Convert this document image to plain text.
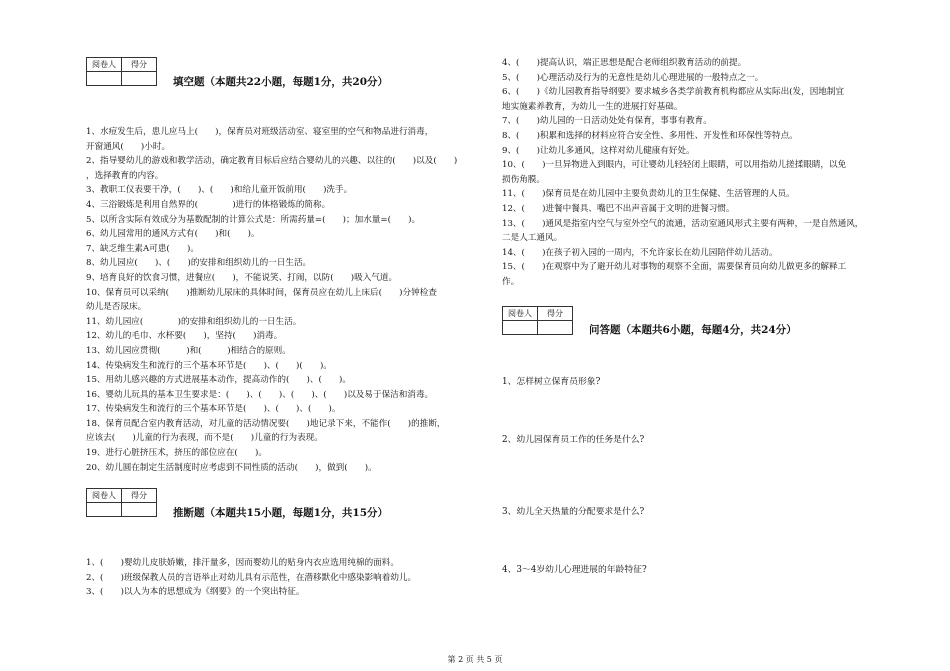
阅卷人	得分

填空题（本题共22小题，每题1分，共20分）
1、水痘发生后，患儿应马上(　　)，保育员对班级活动室、寝室里的空气和物品进行消毒，
开窗通风(　　)小时。
2、指导婴幼儿的游戏和教学活动，确定教育目标后应结合婴幼儿的兴趣、以往的(　　)以及(　　)
，选择教育的内容。
3、教职工仪表要干净，(　　)、(　　)和给儿童开饭前用(　　)洗手。
4、三浴锻炼是利用自然界的(　　　　)进行的体格锻炼的简称。
5、以所含实际有效成分为基数配制的计算公式是：所需药量=(　　)；加水量=(　　)。
6、幼儿园常用的通风方式有(　　)和(　　)。
7、缺乏维生素A可患(　　)。
8、幼儿园应(　　)、(　　)的安排和组织幼儿的一日生活。
9、培育良好的饮食习惯，进餐应(　　)，不能说笑、打闹，以防(　　)吸入气道。
10、保育员可以采纳(　　)推断幼儿尿床的具体时间，保育员应在幼儿上床后(　　)分钟检查
幼儿是否尿床。
11、幼儿园应(　　　　)的安排和组织幼儿的一日生活。
12、幼儿的毛巾、水杯要(　　)，坚持(　　)消毒。
13、幼儿园应贯彻(　　　)和(　　　)相结合的原则。
14、传染病发生和流行的三个基本环节是(　　)、(　　)(　　)。
15、用幼儿感兴趣的方式进展基本动作，提高动作的(　　)、(　　)。
16、婴幼儿玩具的基本卫生要求是：(　　)、(　　)、(　　)、(　　)以及易于保洁和消毒。
17、传染病发生和流行的三个基本环节是(　　)、(　　)、(　　)。
18、保育员配合室内教育活动，对儿童的活动情况要(　　)地记录下来，不能作(　　)的推断，
应该去(　　)儿童的行为表现，而不是(　　)儿童的行为表现。
19、进行心脏挤压术，挤压的部位应在(　　)。
20、幼儿圆在制定生活制度时应考虑到不同性质的活动(　　)，做到(　　)。
阅卷人	得分

推断题（本题共15小题，每题1分，共15分）
1、(　　)婴幼儿皮肤娇嫩，排汗量多，因而婴幼儿的贴身内衣应选用纯棉的面料。
2、(　　)班级保教人员的言语举止对幼儿具有示范性，在潜移默化中感染影响着幼儿。
3、(　　)以人为本的思想成为《纲要》的一个突出特征。
4、(　　)提高认识，端正思想是配合老师组织教育活动的前提。
5、(　　)心理活动及行为的无意性是幼儿心理进展的一般特点之一。
6、(　　)《幼儿园教育指导纲要》要求城乡各类学前教育机构都应从实际出(发，因地制宜
地实施素养教育，为幼儿一生的进展打好基础。
7、(　　)幼儿园的一日活动处处有保育，事事有教育。
8、(　　)积累和选择的材料应符合安全性、多用性、开发性和环保性等特点。
9、(　　)让幼儿多通风，这样对幼儿健康有好处。
10、(　　)一旦异物进入到眼内，可让婴幼儿轻轻闭上眼睛，可以用指幼儿搓揉眼睛，以免
损伤角膜。
11、(　　)保育员是在幼儿园中主要负责幼儿的卫生保健、生活管理的人员。
12、(　　)进餐中餐具、嘴巴不出声音属于文明的进餐习惯。
13、(　　)通风是指室内空气与室外空气的流通，活动室通风形式主要有两种，一是自然通风，
二是人工通风。
14、(　　)在孩子初入园的一周内，不允许家长在幼儿园陪伴幼儿活动。
15、(　　)在观察中为了避开幼儿对事物的观察不全面，需要保育员向幼儿做更多的解释工
作。
阅卷人	得分

问答题（本题共6小题，每题4分，共24分）
1、怎样树立保育员形象?
2、幼儿园保育员工作的任务是什么?
3、幼儿全天热量的分配要求是什么?
4、3～4岁幼儿心理进展的年龄特征?
第 2 页 共 5 页
